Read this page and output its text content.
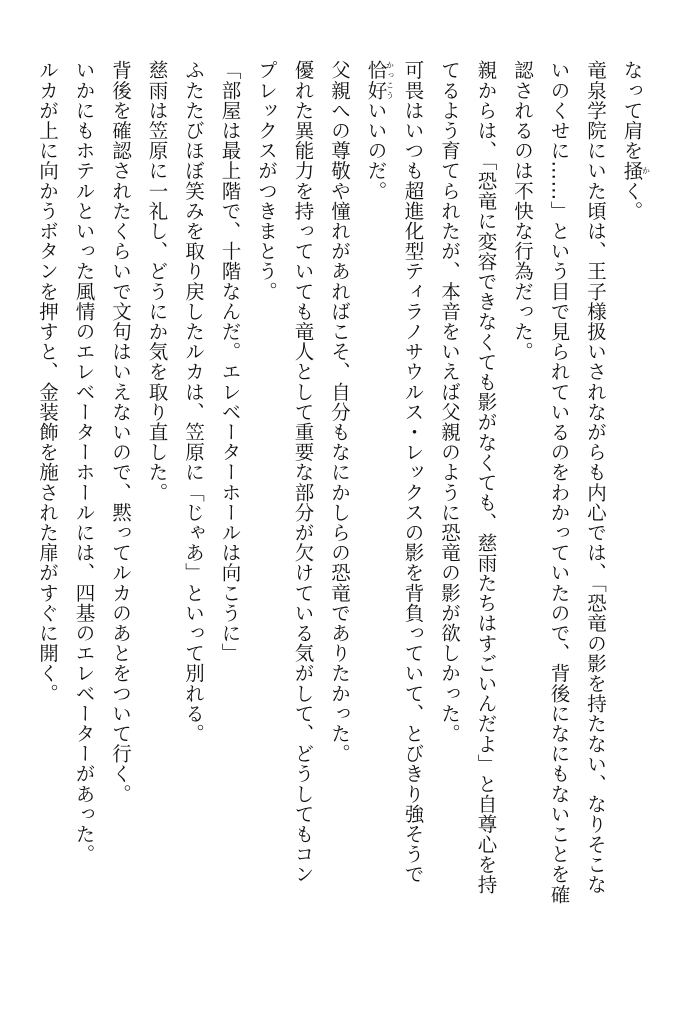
なって肩を掻かく。
竜泉学院にいた頃は、王子様扱いされながらも内心では、「恐竜の影を持たない、なりそこな
いのくせに……」という目で見られているのをわかっていたので、背後になにもないことを確
認されるのは不快な行為だった。
親からは、「恐竜に変容できなくても影がなくても、慈雨たちはすごいんだよ」と自尊心を持
てるよう育てられたが、本音をいえば父親のように恐竜の影が欲しかった。
可畏はいつも超進化型ティラノサウルス・レックスの影を背負っていて、とびきり強そうで
恰好かっこういいのだ。
父親への尊敬や憧れがあればこそ、自分もなにかしらの恐竜でありたかった。
優れた異能力を持っていても竜人として重要な部分が欠けている気がして、どうしてもコン
プレックスがつきまとう。
「部屋は最上階で、十階なんだ。エレベーターホールは向こうに」
ふたたびほぼ笑みを取り戻したルカは、笠原に「じゃあ」といって別れる。
慈雨は笠原に一礼し、どうにか気を取り直した。
背後を確認されたくらいで文句はいえないので、黙ってルカのあとをついて行く。
いかにもホテルといった風情のエレベーターホールには、四基のエレベーターがあった。
ルカが上に向かうボタンを押すと、金装飾を施された扉がすぐに開く。
